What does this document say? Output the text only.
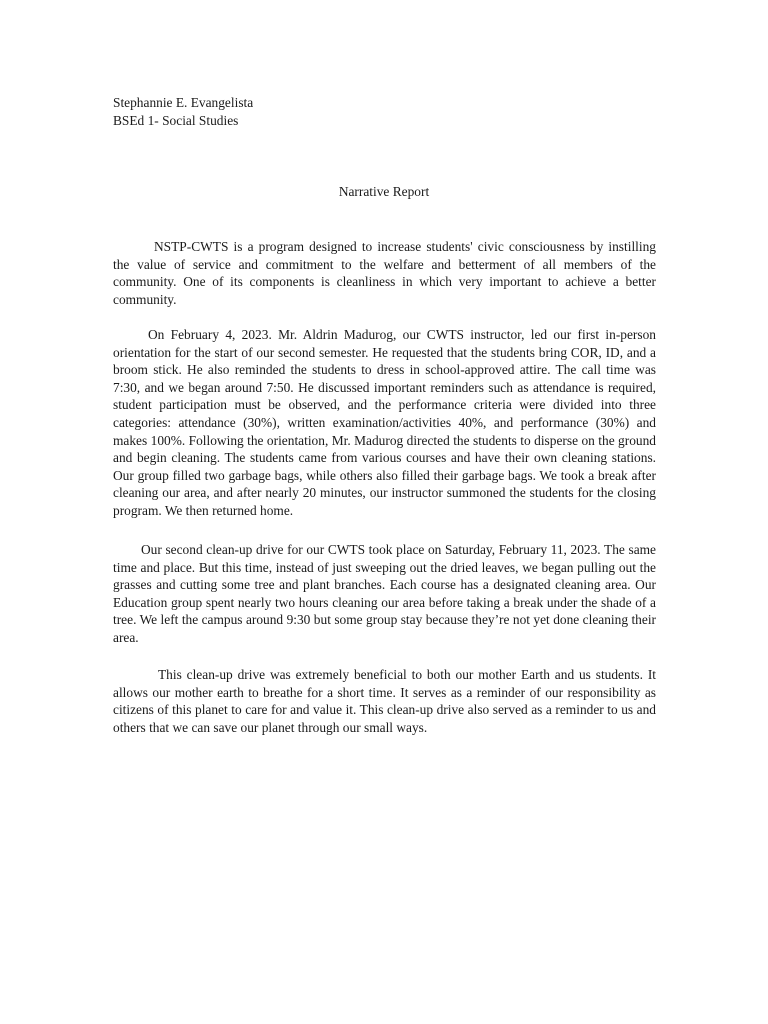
Stephannie E. Evangelista
BSEd 1- Social Studies
Narrative Report

NSTP-CWTS is a program designed to increase students' civic consciousness by instilling the value of service and commitment to the welfare and betterment of all members of the community. One of its components is cleanliness in which very important to achieve a better community.

On February 4, 2023. Mr. Aldrin Madurog, our CWTS instructor, led our first in-person orientation for the start of our second semester. He requested that the students bring COR, ID, and a broom stick. He also reminded the students to dress in school-approved attire. The call time was 7:30, and we began around 7:50. He discussed important reminders such as attendance is required, student participation must be observed, and the performance criteria were divided into three categories: attendance (30%), written examination/activities 40%, and performance (30%) and makes 100%. Following the orientation, Mr. Madurog directed the students to disperse on the ground and begin cleaning. The students came from various courses and have their own cleaning stations. Our group filled two garbage bags, while others also filled their garbage bags. We took a break after cleaning our area, and after nearly 20 minutes, our instructor summoned the students for the closing program. We then returned home.

Our second clean-up drive for our CWTS took place on Saturday, February 11, 2023. The same time and place. But this time, instead of just sweeping out the dried leaves, we began pulling out the grasses and cutting some tree and plant branches. Each course has a designated cleaning area. Our Education group spent nearly two hours cleaning our area before taking a break under the shade of a tree. We left the campus around 9:30 but some group stay because they’re not yet done cleaning their area.

This clean-up drive was extremely beneficial to both our mother Earth and us students. It allows our mother earth to breathe for a short time. It serves as a reminder of our responsibility as citizens of this planet to care for and value it. This clean-up drive also served as a reminder to us and others that we can save our planet through our small ways.
